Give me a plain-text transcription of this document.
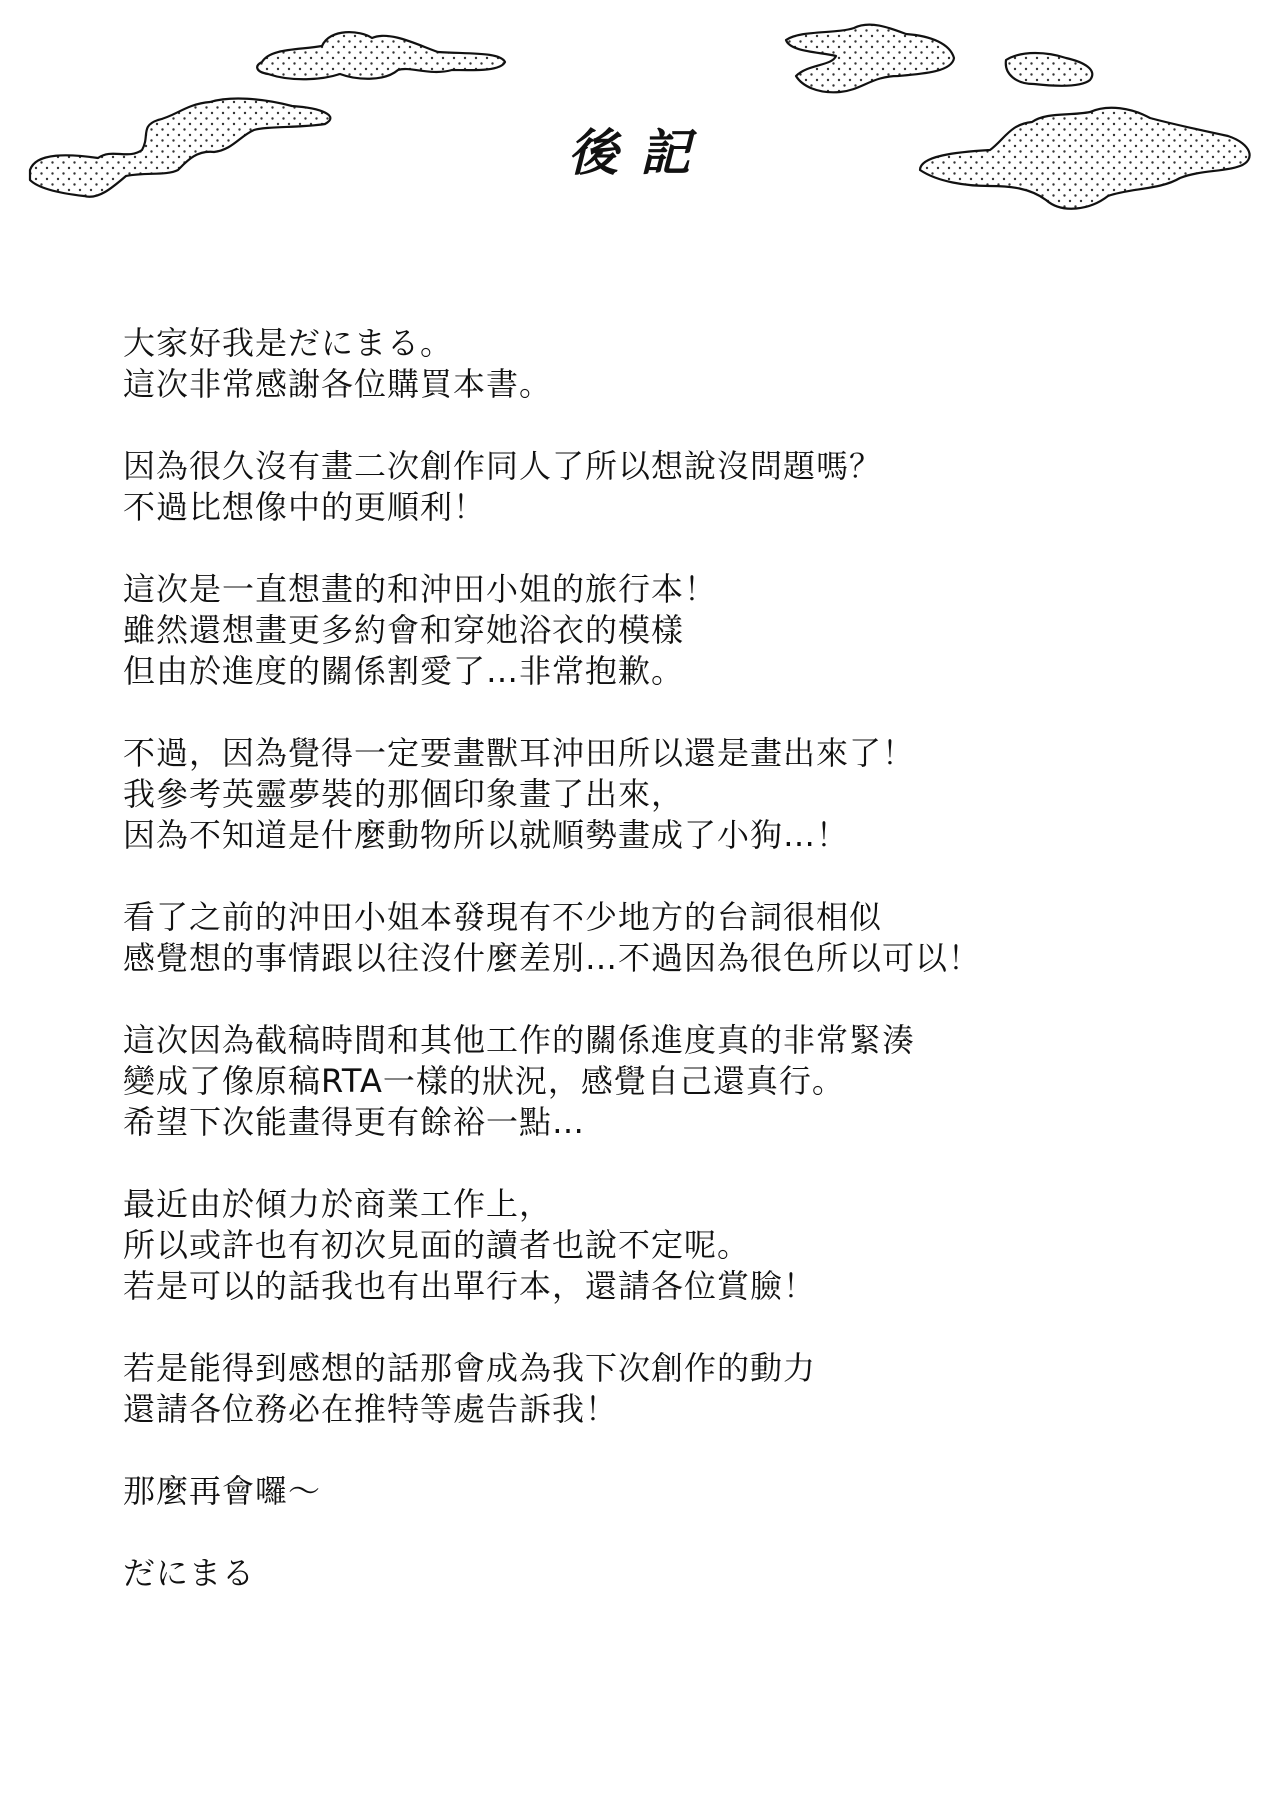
後記

大家好我是だにまる。
這次非常感謝各位購買本書。

因為很久沒有畫二次創作同人了所以想說沒問題嗎？
不過比想像中的更順利！

這次是一直想畫的和沖田小姐的旅行本！
雖然還想畫更多約會和穿她浴衣的模樣
但由於進度的關係割愛了…非常抱歉。

不過，因為覺得一定要畫獸耳沖田所以還是畫出來了！
我參考英靈夢裝的那個印象畫了出來，
因為不知道是什麼動物所以就順勢畫成了小狗…！

看了之前的沖田小姐本發現有不少地方的台詞很相似
感覺想的事情跟以往沒什麼差別…不過因為很色所以可以！

這次因為截稿時間和其他工作的關係進度真的非常緊湊
變成了像原稿RTA一樣的狀況，感覺自己還真行。
希望下次能畫得更有餘裕一點…

最近由於傾力於商業工作上，
所以或許也有初次見面的讀者也說不定呢。
若是可以的話我也有出單行本，還請各位賞臉！

若是能得到感想的話那會成為我下次創作的動力
還請各位務必在推特等處告訴我！

那麼再會囉～

だにまる
